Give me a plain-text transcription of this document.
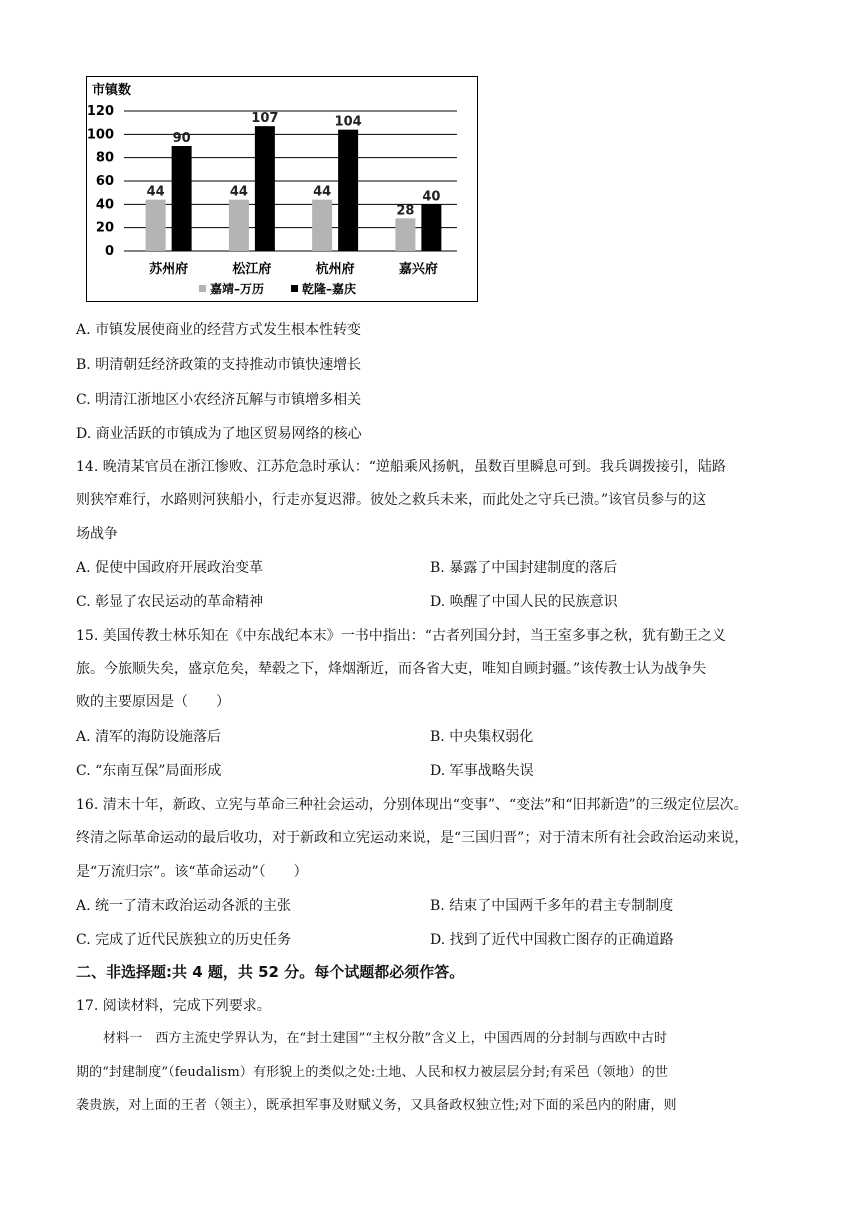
市镇数
120
100
80
60
40
20
0
44
90
苏州府
44
107
松江府
44
104
杭州府
28
40
嘉兴府
嘉靖–万历	乾隆–嘉庆
A. 市镇发展使商业的经营方式发生根本性转变
B. 明清朝廷经济政策的支持推动市镇快速增长
C. 明清江浙地区小农经济瓦解与市镇增多相关
D. 商业活跃的市镇成为了地区贸易网络的核心
14. 晚清某官员在浙江惨败、江苏危急时承认：“逆船乘风扬帆，虽数百里瞬息可到。我兵调拨接引，陆路
则狭窄难行，水路则河狭船小，行走亦复迟滞。彼处之救兵未来，而此处之守兵已溃。”该官员参与的这
场战争
A. 促使中国政府开展政治变革	B. 暴露了中国封建制度的落后
C. 彰显了农民运动的革命精神	D. 唤醒了中国人民的民族意识
15. 美国传教士林乐知在《中东战纪本末》一书中指出：“古者列国分封，当王室多事之秋，犹有勤王之义
旅。今旅顺失矣，盛京危矣，辇毂之下，烽烟渐近，而各省大吏，唯知自顾封疆。”该传教士认为战争失
败的主要原因是（　　）
A. 清军的海防设施落后	B. 中央集权弱化
C. “东南互保”局面形成	D. 军事战略失误
16. 清末十年，新政、立宪与革命三种社会运动，分别体现出“变事”、“变法”和“旧邦新造”的三级定位层次。
终清之际革命运动的最后收功，对于新政和立宪运动来说，是“三国归晋”；对于清末所有社会政治运动来说，
是“万流归宗”。该“革命运动”（　　）
A. 统一了清末政治运动各派的主张	B. 结束了中国两千多年的君主专制制度
C. 完成了近代民族独立的历史任务	D. 找到了近代中国救亡图存的正确道路
二、非选择题:共 4 题，共 52 分。每个试题都必须作答。
17. 阅读材料，完成下列要求。
材料一　西方主流史学界认为，在“封土建国”“主权分散”含义上，中国西周的分封制与西欧中古时
期的“封建制度”（feudalism）有形貌上的类似之处:土地、人民和权力被层层分封;有采邑（领地）的世
袭贵族，对上面的王者（领主），既承担军事及财赋义务，又具备政权独立性;对下面的采邑内的附庸，则
